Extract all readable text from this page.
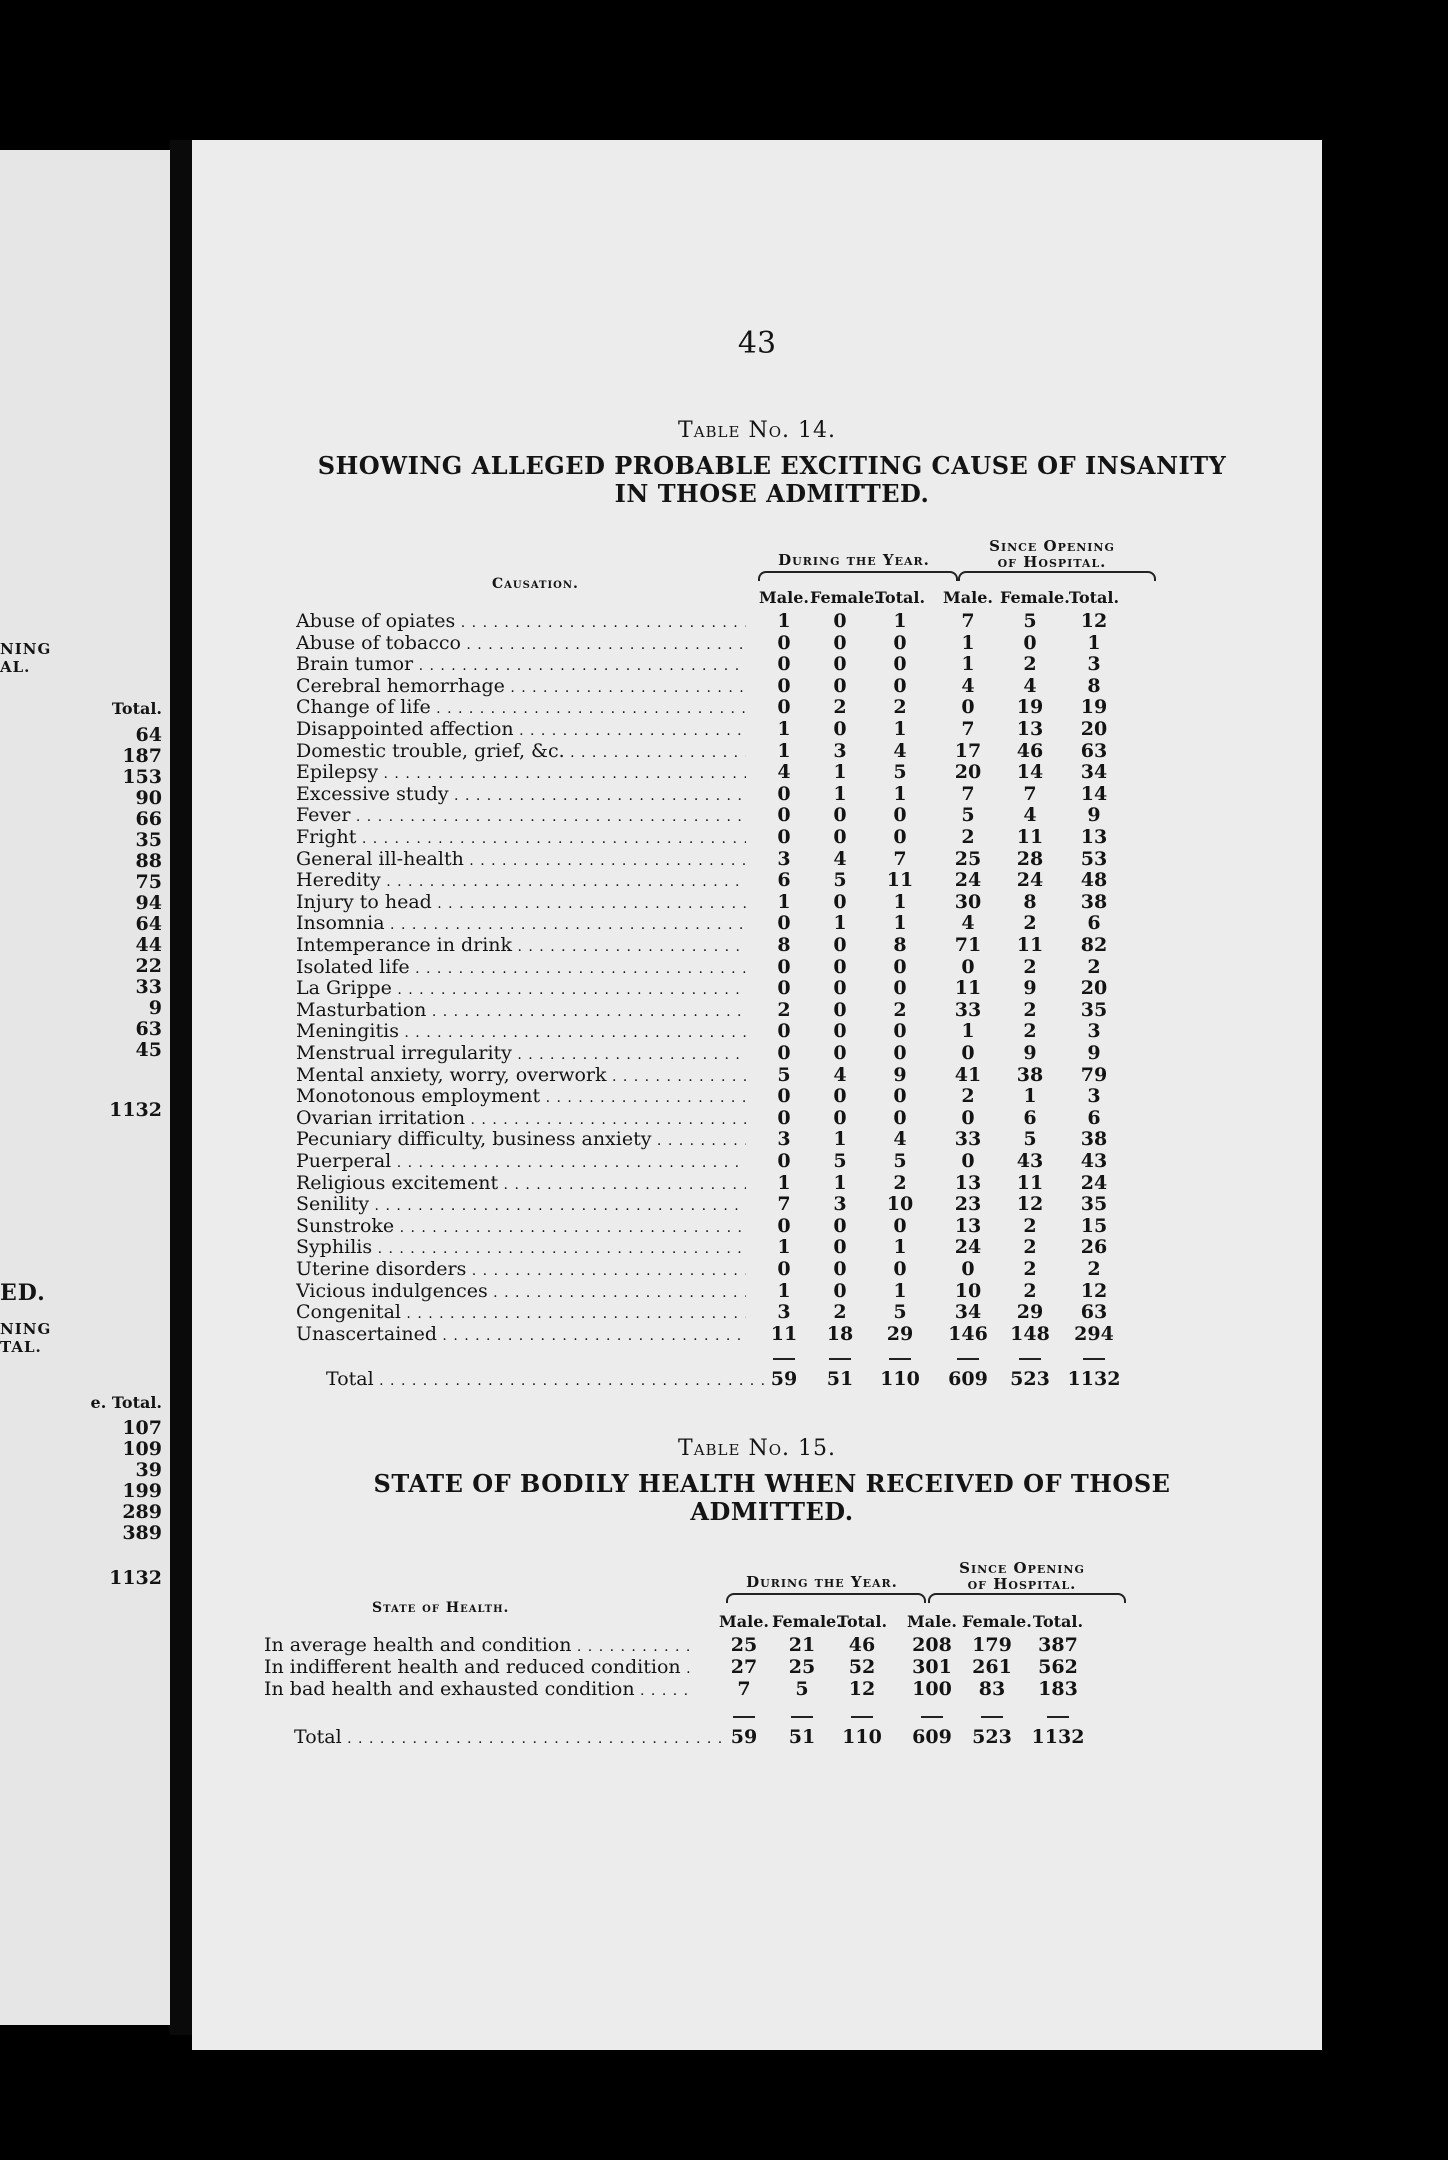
NING
AL.
Total.
64
187
153
90
66
35
88
75
94
64
44
22
33
9
63
45
1132
ED.
NING
TAL.
e. Total.
107
109
39
199
289
389
1132
43
Table No. 14.
SHOWING ALLEGED PROBABLE EXCITING CAUSE OF INSANITY
IN THOSE ADMITTED.
During the Year.
Since Opening
of Hospital.
Causation.
Male. Female.
Total.	Male. Female. Total.
Abuse of opiates . . .	1	0	1	7	5	12
Abuse of tobacco . . .	0	0	0	1	0	1
Brain tumor . . .	0	0	0	1	2	3
Cerebral hemorrhage . . .	0	0	0	4	4	8
Change of life . . .	0	2	2	0	19	19
Disappointed affection . . .	1	0	1	7	13	20
Domestic trouble, grief, &c. . . .	1	3	4	17	46	63
Epilepsy . . .	4	1	5	20	14	34
Excessive study . . .	0	1	1	7	7	14
Fever . . .	0	0	0	5	4	9
Fright . . .	0	0	0	2	11	13
General ill-health . . .	3	4	7	25	28	53
Heredity . . .	6	5	11	24	24	48
Injury to head . . .	1	0	1	30	8	38
Insomnia . . .	0	1	1	4	2	6
Intemperance in drink . . .	8	0	8	71	11	82
Isolated life . . .	0	0	0	0	2	2
La Grippe . . .	0	0	0	11	9	20
Masturbation . . .	2	0	2	33	2	35
Meningitis . . .	0	0	0	1	2	3
Menstrual irregularity . . .	0	0	0	0	9	9
Mental anxiety, worry, overwork . . .	5	4	9	41	38	79
Monotonous employment . . .	0	0	0	2	1	3
Ovarian irritation . . .	0	0	0	0	6	6
Pecuniary difficulty, business anxiety . . .	3	1	4	33	5	38
Puerperal . . .	0	5	5	0	43	43
Religious excitement . . .	1	1	2	13	11	24
Senility . . .	7	3	10	23	12	35
Sunstroke . . .	0	0	0	13	2	15
Syphilis . . .	1	0	1	24	2	26
Uterine disorders . . .	0	0	0	0	2	2
Vicious indulgences . . .	1	0	1	10	2	12
Congenital . . .	3	2	5	34	29	63
Unascertained . . .	11	18	29	146	148	294
Total . . .	59	51	110	609	523 1132
Table No. 15.
STATE OF BODILY HEALTH WHEN RECEIVED OF THOSE
ADMITTED.
During the Year.
Since Opening
of Hospital.
State of Health.
Male. Female.
Total.	Male. Female. Total.
In average health and condition . . .	25	21	46	208	179	387
In indifferent health and reduced condition . . .	27	25	52	301	261	562
In bad health and exhausted condition . . .	7	5	12	100	83	183
Total . . .	59	51	110	609	523	1132
